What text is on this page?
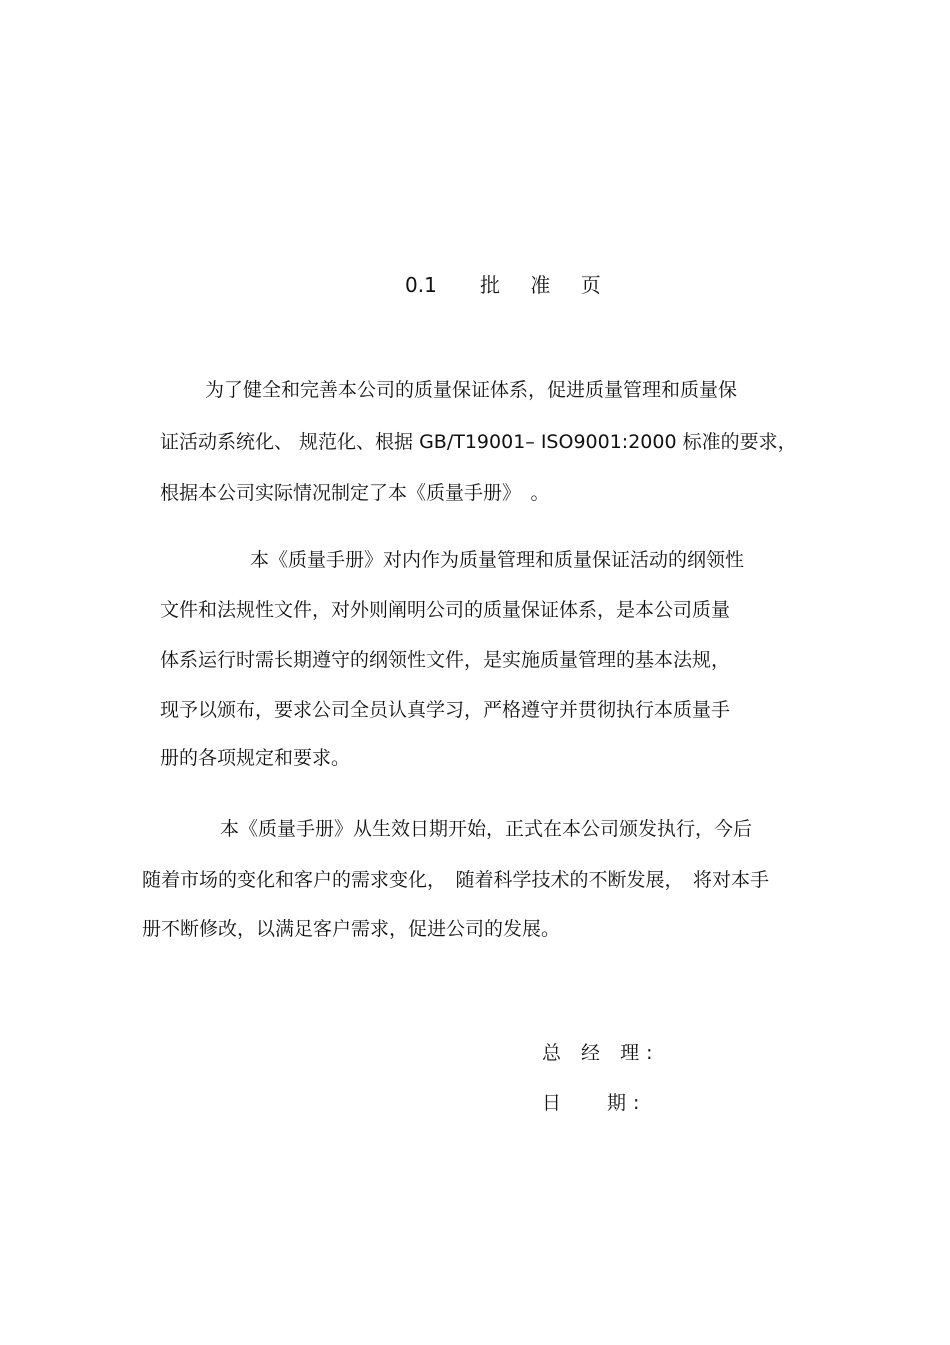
0.1 批 准 页
为了健全和完善本公司的质量保证体系，促进质量管理和质量保
证活动系统化、 规范化、根据 GB/T19001– ISO9001:2000 标准的要求，
根据本公司实际情况制定了本《质量手册》　。
本《质量手册》对内作为质量管理和质量保证活动的纲领性
文件和法规性文件，对外则阐明公司的质量保证体系，是本公司质量
体系运行时需长期遵守的纲领性文件，是实施质量管理的基本法规，
现予以颁布，要求公司全员认真学习，严格遵守并贯彻执行本质量手
册的各项规定和要求。
本《质量手册》从生效日期开始，正式在本公司颁发执行，今后
随着市场的变化和客户的需求变化，　随着科学技术的不断发展，　将对本手
册不断修改，以满足客户需求，促进公司的发展。
总 经 理:
日　 期:
